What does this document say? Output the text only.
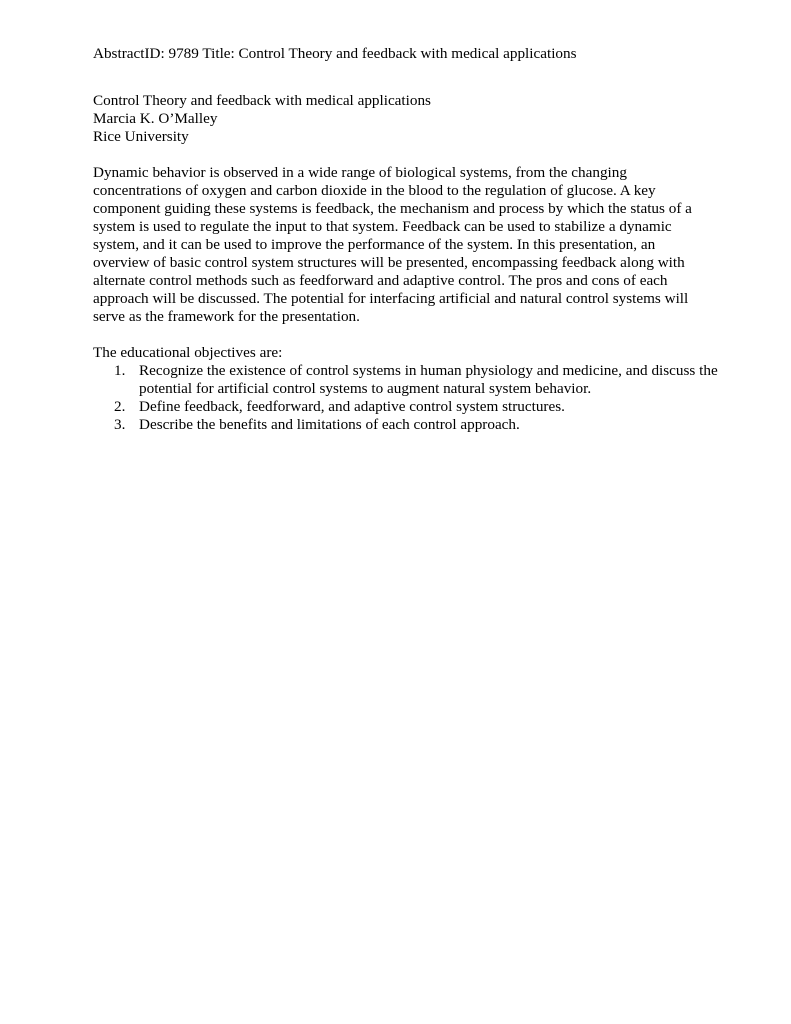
AbstractID: 9789 Title: Control Theory and feedback with medical applications

Control Theory and feedback with medical applications
Marcia K. O’Malley
Rice University

Dynamic behavior is observed in a wide range of biological systems, from the changing concentrations of oxygen and carbon dioxide in the blood to the regulation of glucose. A key component guiding these systems is feedback, the mechanism and process by which the status of a system is used to regulate the input to that system. Feedback can be used to stabilize a dynamic system, and it can be used to improve the performance of the system. In this presentation, an overview of basic control system structures will be presented, encompassing feedback along with alternate control methods such as feedforward and adaptive control. The pros and cons of each approach will be discussed. The potential for interfacing artificial and natural control systems will serve as the framework for the presentation.

The educational objectives are:
1. Recognize the existence of control systems in human physiology and medicine, and discuss the potential for artificial control systems to augment natural system behavior.
2. Define feedback, feedforward, and adaptive control system structures.
3. Describe the benefits and limitations of each control approach.
